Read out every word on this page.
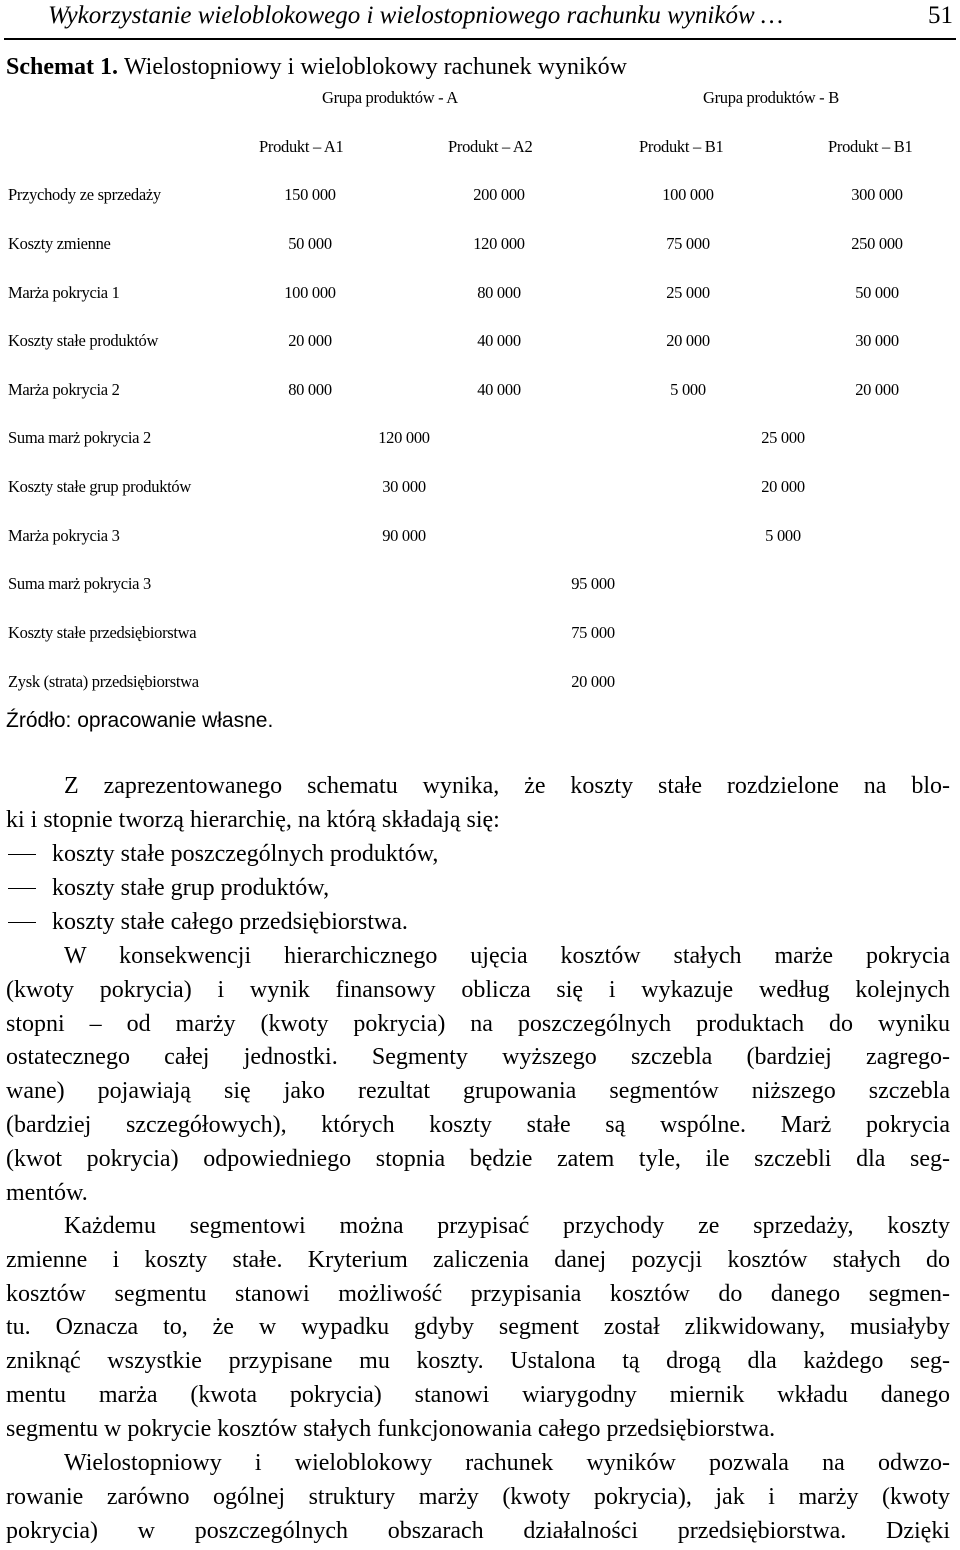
Wykorzystanie wieloblokowego i wielostopniowego rachunku wyników …	51
Schemat 1. Wielostopniowy i wieloblokowy rachunek wyników
Grupa produktów - A	Grupa produktów - B
Produkt – A1	Produkt – A2	Produkt – B1	Produkt – B1
Przychody ze sprzedaży	150 000	200 000	100 000	300 000
Koszty zmienne	50 000	120 000	75 000	250 000
Marża pokrycia 1	100 000	80 000	25 000	50 000
Koszty stałe produktów	20 000	40 000	20 000	30 000
Marża pokrycia 2	80 000	40 000	5 000	20 000
Suma marż pokrycia 2	120 000	25 000
Koszty stałe grup produktów	30 000	20 000
Marża pokrycia 3	90 000	5 000
Suma marż pokrycia 3	95 000
Koszty stałe przedsiębiorstwa	75 000
Zysk (strata) przedsiębiorstwa	20 000
Źródło: opracowanie własne.

Z zaprezentowanego schematu wynika, że koszty stałe rozdzielone na blo-

ki i stopnie tworzą hierarchię, na którą składają się:

koszty stałe poszczególnych produktów,
koszty stałe grup produktów,
koszty stałe całego przedsiębiorstwa.

W konsekwencji hierarchicznego ujęcia kosztów stałych marże pokrycia

(kwoty pokrycia) i wynik finansowy oblicza się i wykazuje według kolejnych

stopni – od marży (kwoty pokrycia) na poszczególnych produktach do wyniku

ostatecznego całej jednostki. Segmenty wyższego szczebla (bardziej zagrego-

wane) pojawiają się jako rezultat grupowania segmentów niższego szczebla

(bardziej szczegółowych), których koszty stałe są wspólne. Marż pokrycia

(kwot pokrycia) odpowiedniego stopnia będzie zatem tyle, ile szczebli dla seg-

mentów.

Każdemu segmentowi można przypisać przychody ze sprzedaży, koszty

zmienne i koszty stałe. Kryterium zaliczenia danej pozycji kosztów stałych do

kosztów segmentu stanowi możliwość przypisania kosztów do danego segmen-

tu. Oznacza to, że w wypadku gdyby segment został zlikwidowany, musiałyby

zniknąć wszystkie przypisane mu koszty. Ustalona tą drogą dla każdego seg-

mentu marża (kwota pokrycia) stanowi wiarygodny miernik wkładu danego

segmentu w pokrycie kosztów stałych funkcjonowania całego przedsiębiorstwa.

Wielostopniowy i wieloblokowy rachunek wyników pozwala na odwzo-

rowanie zarówno ogólnej struktury marży (kwoty pokrycia), jak i marży (kwoty

pokrycia) w poszczególnych obszarach działalności przedsiębiorstwa. Dzięki
